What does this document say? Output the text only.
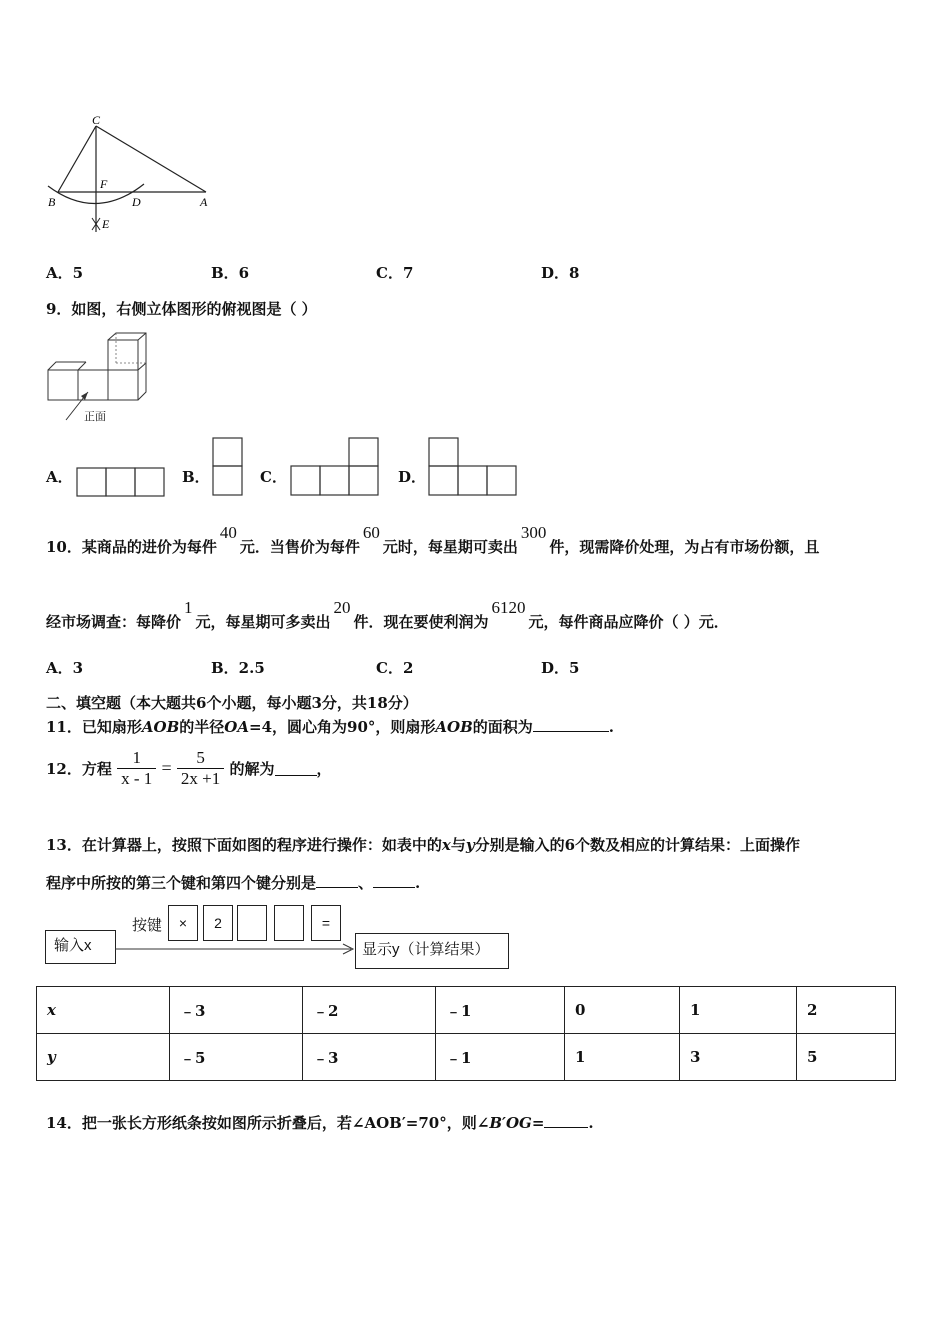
C
F
B	D	A
E
A．5	B．6	C．7	D．8
9．如图，右侧立体图形的俯视图是（ ）
正面
A．	B．	C．	D．
10．某商品的进价为每件40元．当售价为每件60元时，每星期可卖出300件，现需降价处理，为占有市场份额，且
经市场调查：每降价1元，每星期可多卖出20件．现在要使利润为6120元，每件商品应降价（ ）元．
A．3	B．2.5	C．2	D．5
二、填空题（本大题共6个小题，每小题3分，共18分）
11．已知扇形AOB的半径OA=4，圆心角为90°，则扇形AOB的面积为	.
12．方程 $\frac{1}{x - 1} = \frac{5}{2x +1}$ 的解为	，
13．在计算器上，按照下面如图的程序进行操作：如表中的x与y分别是输入的6个数及相应的计算结果：上面操作
程序中所按的第三个键和第四个键分别是	、	.
输入x
按键	×	2	=
显示y（计算结果）
x	﹣3	﹣2	﹣1	0	1	2
y	﹣5	﹣3	﹣1	1	3	5
14．把一张长方形纸条按如图所示折叠后，若∠AOB′=70°，则∠B′OG=	.
